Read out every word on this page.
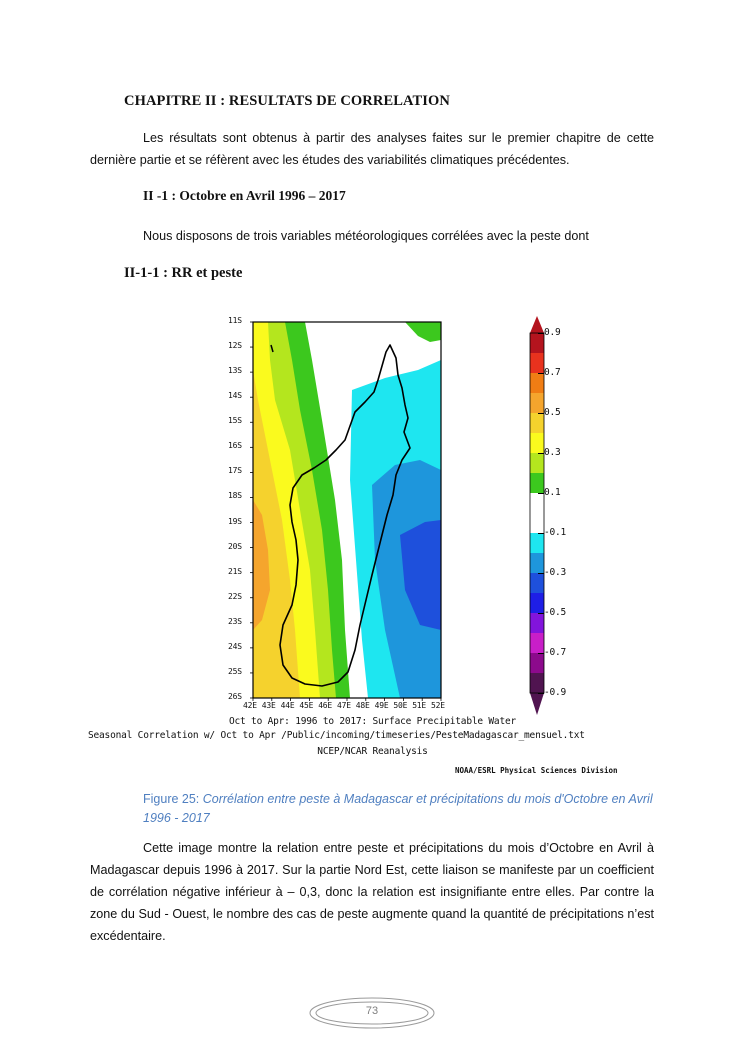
CHAPITRE II : RESULTATS DE CORRELATION
Les résultats sont obtenus à partir des analyses faites sur le premier chapitre de cette dernière partie et se réfèrent avec les études des variabilités climatiques précédentes.
II -1 : Octobre en Avril 1996 – 2017
Nous disposons de trois variables météorologiques corrélées avec la peste dont
II-1-1 : RR et peste
11S
12S
13S
14S
15S
16S
17S
18S
19S
20S
21S
22S
23S
24S
25S
26S
42E 43E 44E 45E 46E 47E 48E 49E 50E 51E 52E
0.9
0.7
0.5
0.3
0.1
-0.1
-0.3
-0.5
-0.7
-0.9
Oct to Apr: 1996 to 2017: Surface Precipitable Water
Seasonal Correlation w/ Oct to Apr /Public/incoming/timeseries/PesteMadagascar_mensuel.txt
NCEP/NCAR Reanalysis
NOAA/ESRL Physical Sciences Division
Figure 25: Corrélation entre peste à Madagascar et précipitations du mois d'Octobre en Avril 1996 - 2017
Cette image montre la relation entre peste et précipitations du mois d’Octobre en Avril à Madagascar depuis 1996 à 2017. Sur la partie Nord Est, cette liaison se manifeste par un coefficient de corrélation négative inférieur à – 0,3, donc la relation est insignifiante entre elles. Par contre la zone du Sud - Ouest, le nombre des cas de peste augmente quand la quantité de précipitations n’est excédentaire.
73
